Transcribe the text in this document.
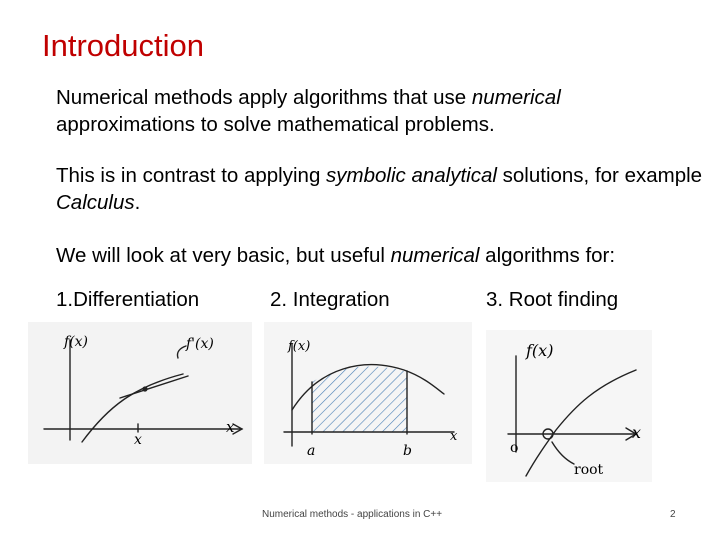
Introduction

Numerical methods apply algorithms that use numerical
approximations to solve mathematical problems.

This is in contrast to applying symbolic analytical solutions, for example Calculus.

We will look at very basic, but useful numerical algorithms for:

1.Differentiation	2. Integration	3. Root finding
f(x)	f'(x)
x
x
f(x)
x
a	b
f(x)
x
o
root
Numerical methods - applications in C++	2
